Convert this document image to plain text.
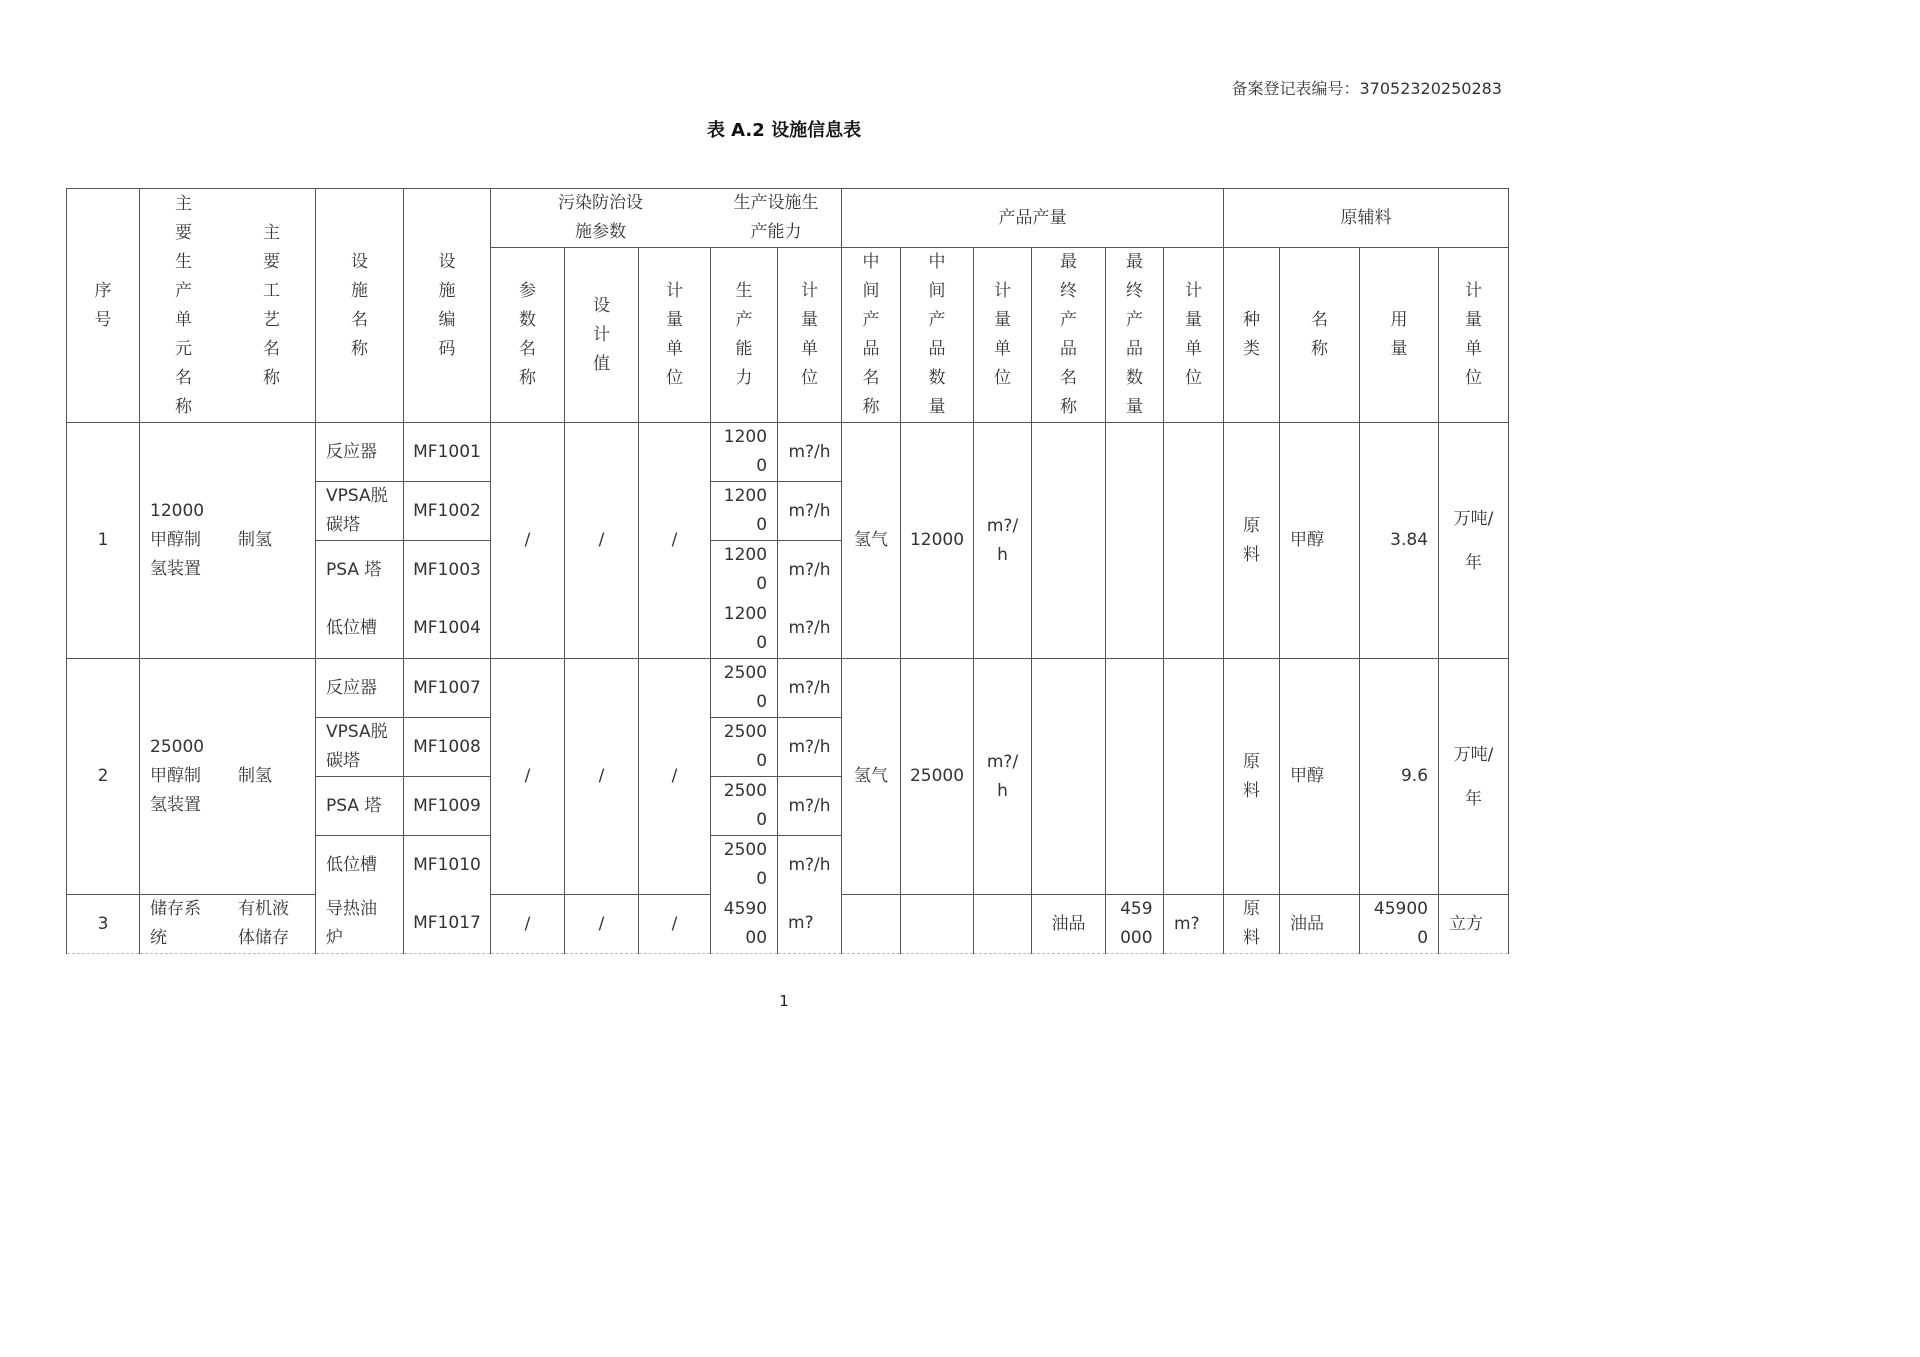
备案登记表编号：37052320250283
表 A.2 设施信息表
序号	主要生产单元名称	主要工艺名称	设施名称	设施编码	污染防治设施参数			生产设施生产能力		产品产量						原辅料			
					参数名称	设计值	计量单位	生产能力	计量单位	中间产品名称	中间产品数量	计量单位	最终产品名称	最终产品数量	计量单位	种类	名称	用量	计量单位
1	12000甲醇制氢装置	制氢	反应器	MF1001	/	/	/	12000	m?/h	氢气	12000	m?/h				原料	甲醇	3.84	万吨/年
			VPSA脱碳塔	MF1002				12000	m?/h										
			PSA 塔	MF1003				12000	m?/h										
			低位槽	MF1004				12000	m?/h										
2	25000甲醇制氢装置	制氢	反应器	MF1007	/	/	/	25000	m?/h	氢气	25000	m?/h				原料	甲醇	9.6	万吨/年
			VPSA脱碳塔	MF1008				25000	m?/h										
			PSA 塔	MF1009				25000	m?/h										
			低位槽	MF1010				25000	m?/h										
3	储存系统	有机液体储存	导热油炉	MF1017	/	/	/	459000	m?				油品	459000	m?	原料	油品	459000	立方
1
